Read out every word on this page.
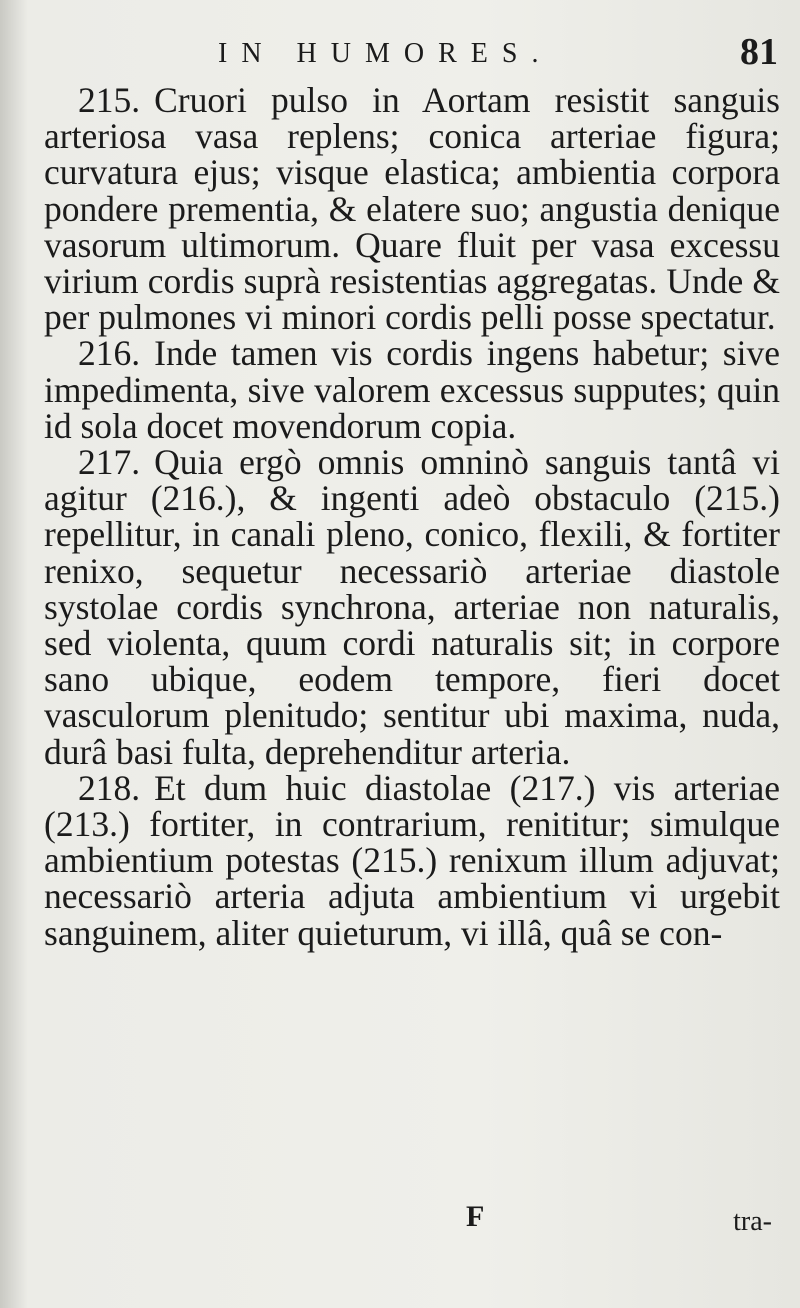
IN HUMORES.	81

215. Cruori pulso in Aortam resistit sanguis arteriosa vasa replens; conica arteriae figura; curvatura ejus; visque elastica; ambientia corpora pondere prementia, & elatere suo; angustia denique vasorum ultimorum. Quare fluit per vasa excessu virium cordis suprà resistentias aggregatas. Unde & per pulmones vi minori cordis pelli posse spectatur.

216. Inde tamen vis cordis ingens habetur; sive impedimenta, sive valorem excessus supputes; quin id sola docet movendorum copia.

217. Quia ergò omnis omninò sanguis tantâ vi agitur (216.), & ingenti adeò obstaculo (215.) repellitur, in canali pleno, conico, flexili, & fortiter renixo, sequetur necessariò arteriae diastole systolae cordis synchrona, arteriae non naturalis, sed violenta, quum cordi naturalis sit; in corpore sano ubique, eodem tempore, fieri docet vasculorum plenitudo; sentitur ubi maxima, nuda, durâ basi fulta, deprehenditur arteria.

218. Et dum huic diastolae (217.) vis arteriae (213.) fortiter, in contrarium, renititur; simulque ambientium potestas (215.) renixum illum adjuvat; necessariò arteria adjuta ambientium vi urgebit sanguinem, aliter quieturum, vi illâ, quâ se con-

F	tra-
